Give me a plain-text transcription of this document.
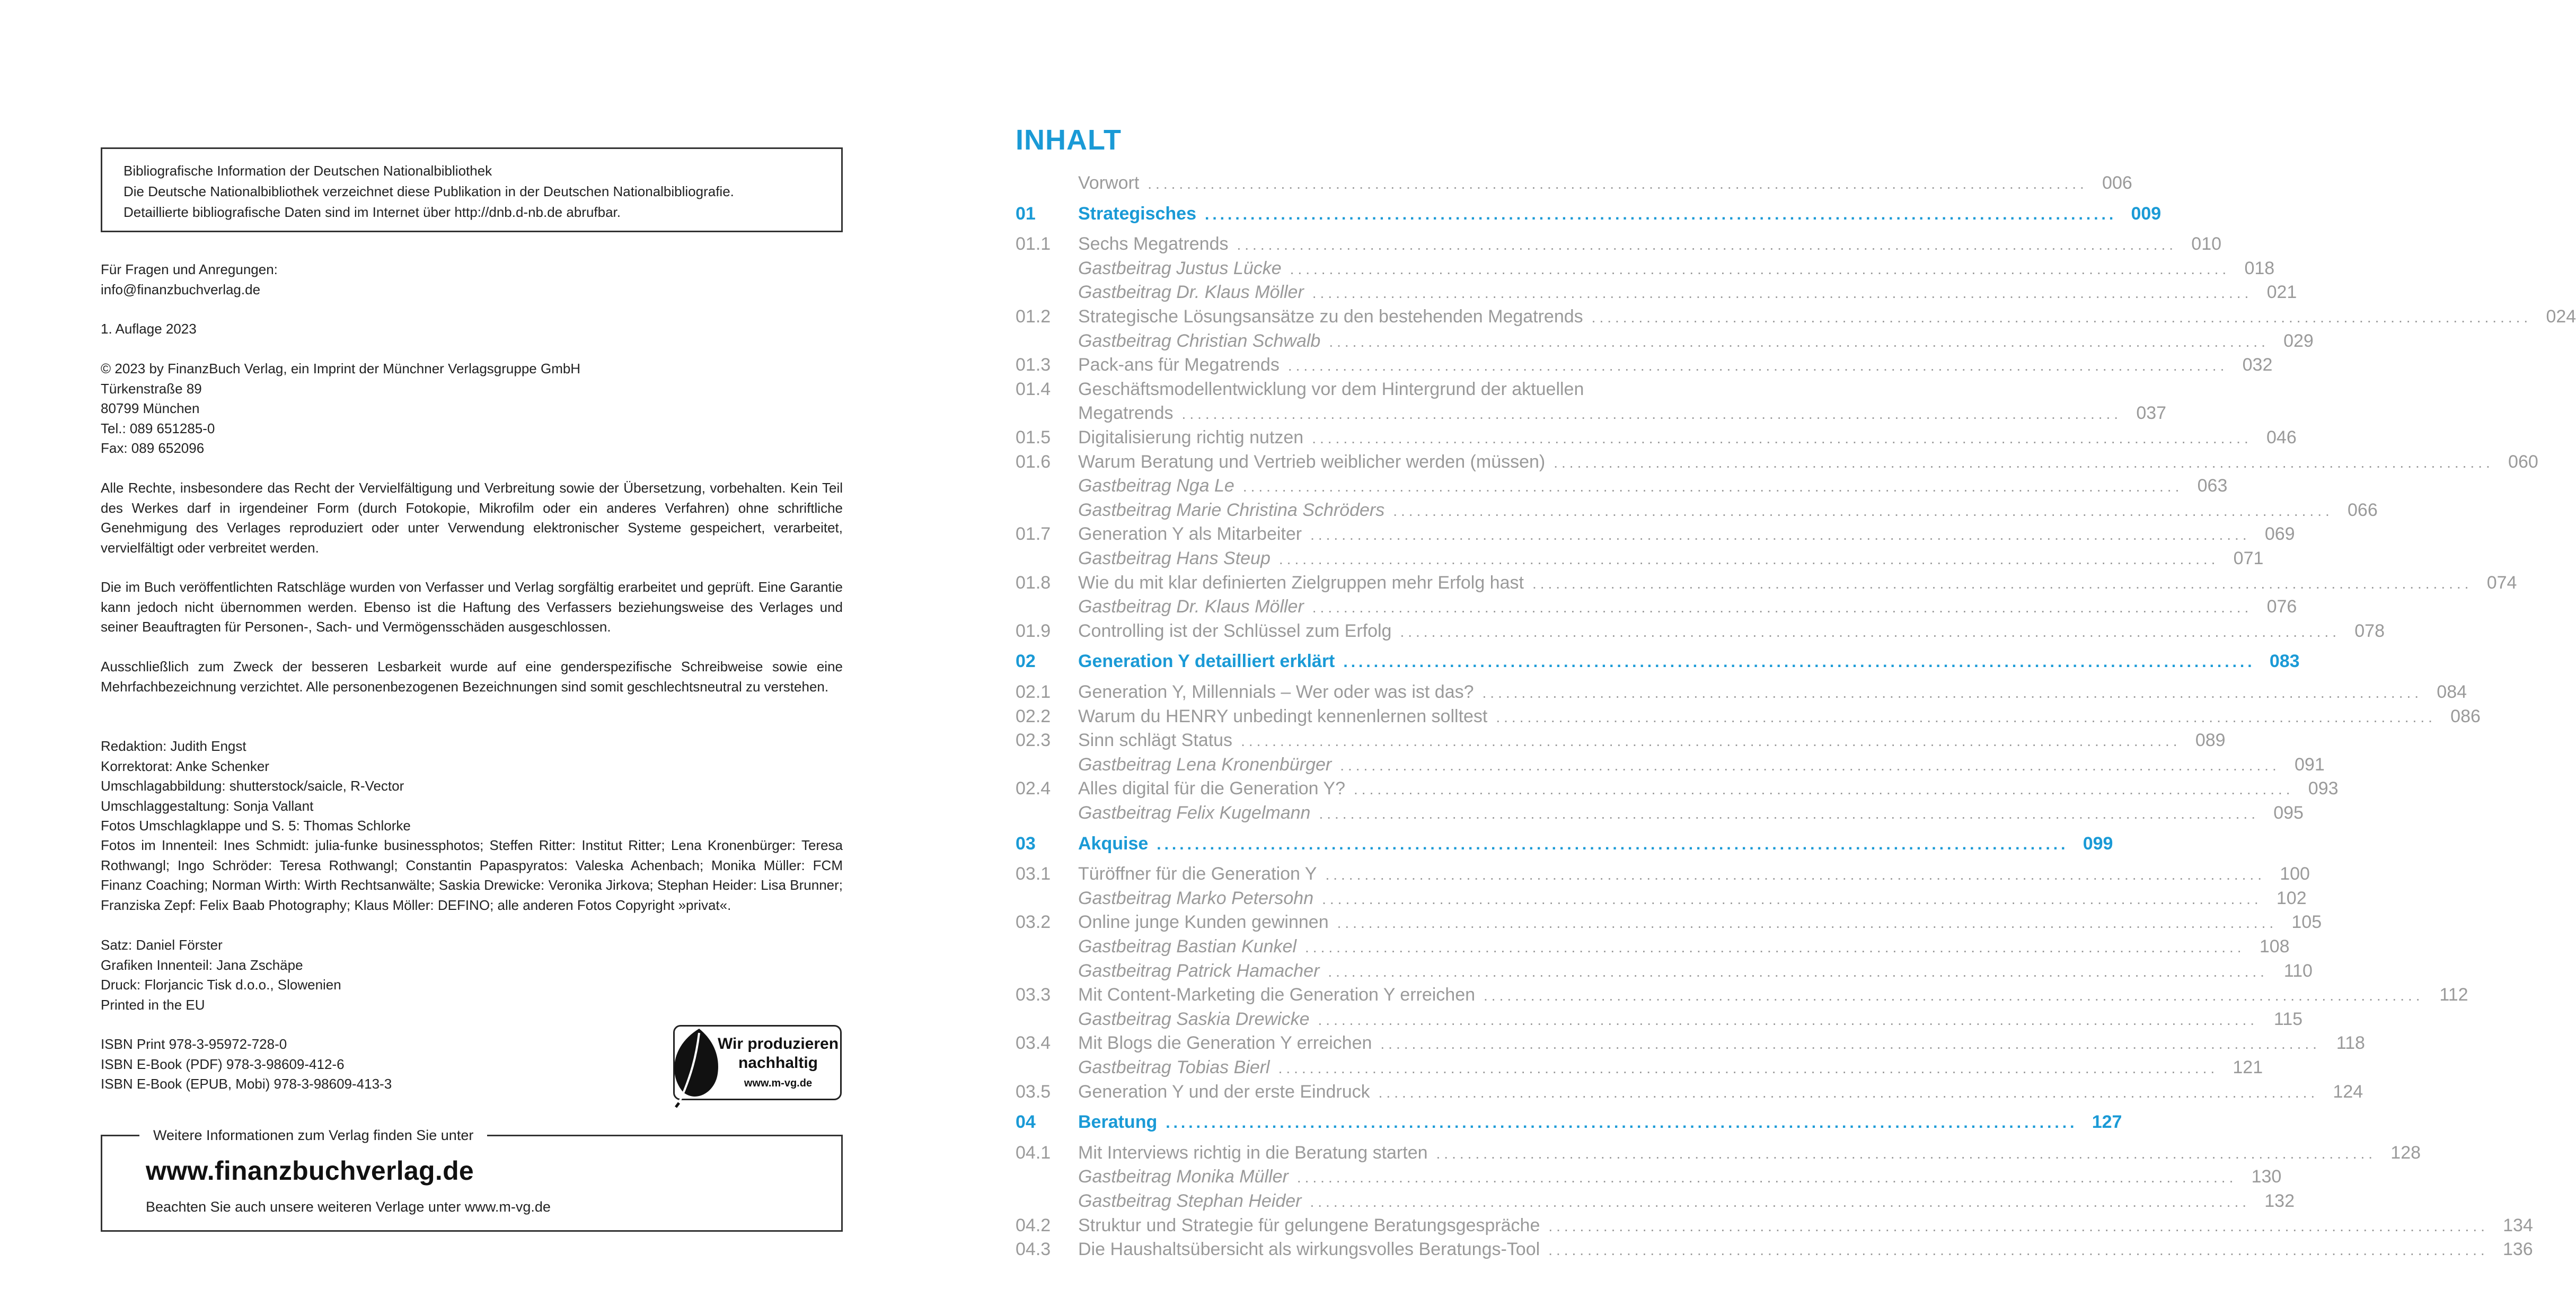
Bibliografische Information der Deutschen Nationalbibliothek
Die Deutsche Nationalbibliothek verzeichnet diese Publikation in der Deutschen Nationalbibliografie.
Detaillierte bibliografische Daten sind im Internet über http://dnb.d-nb.de abrufbar.
Für Fragen und Anregungen:
info@finanzbuchverlag.de
1. Auflage 2023
© 2023 by FinanzBuch Verlag, ein Imprint der Münchner Verlagsgruppe GmbH
Türkenstraße 89
80799 München
Tel.: 089 651285-0
Fax: 089 652096
Alle Rechte, insbesondere das Recht der Vervielfältigung und Verbreitung sowie der Übersetzung, vorbehalten. Kein Teil des Werkes darf in irgendeiner Form (durch Fotokopie, Mikrofilm oder ein anderes Verfahren) ohne schriftliche Genehmigung des Verlages reproduziert oder unter Verwendung elektronischer Systeme gespeichert, verarbeitet, vervielfältigt oder verbreitet werden.
Die im Buch veröffentlichten Ratschläge wurden von Verfasser und Verlag sorgfältig erarbeitet und geprüft. Eine Garantie kann jedoch nicht übernommen werden. Ebenso ist die Haftung des Verfassers beziehungsweise des Verlages und seiner Beauftragten für Personen-, Sach- und Vermögensschäden ausgeschlossen.
Ausschließlich zum Zweck der besseren Lesbarkeit wurde auf eine genderspezifische Schreibweise sowie eine Mehrfachbezeichnung verzichtet. Alle personenbezogenen Bezeichnungen sind somit geschlechtsneutral zu verstehen.
Redaktion: Judith Engst
Korrektorat: Anke Schenker
Umschlagabbildung: shutterstock/saicle, R-Vector
Umschlaggestaltung: Sonja Vallant
Fotos Umschlagklappe und S. 5: Thomas Schlorke
Fotos im Innenteil: Ines Schmidt: julia-funke businessphotos; Steffen Ritter: Institut Ritter; Lena Kronenbürger: Teresa Rothwangl; Ingo Schröder: Teresa Rothwangl; Constantin Papaspyratos: Valeska Achenbach; Monika Müller: FCM Finanz Coaching; Norman Wirth: Wirth Rechtsanwälte; Saskia Drewicke: Veronika Jirkova; Stephan Heider: Lisa Brunner; Franziska Zepf: Felix Baab Photography; Klaus Möller: DEFINO; alle anderen Fotos Copyright »privat«.
Satz: Daniel Förster
Grafiken Innenteil: Jana Zschäpe
Druck: Florjancic Tisk d.o.o., Slowenien
Printed in the EU
ISBN Print 978-3-95972-728-0
ISBN E-Book (PDF) 978-3-98609-412-6
ISBN E-Book (EPUB, Mobi) 978-3-98609-413-3
Wir produzieren
nachhaltig
www.m-vg.de
Weitere Informationen zum Verlag finden Sie unter
www.finanzbuchverlag.de
Beachten Sie auch unsere weiteren Verlage unter www.m-vg.de
INHALT
Vorwort ........................................................................................................................ 006
01	Strategisches ........................................................................................................................ 009
01.1	Sechs Megatrends ........................................................................................................................ 010
Gastbeitrag Justus Lücke ........................................................................................................................ 018
Gastbeitrag Dr. Klaus Möller ........................................................................................................................ 021
01.2	Strategische Lösungsansätze zu den bestehenden Megatrends ........................................................................................................................ 024
Gastbeitrag Christian Schwalb ........................................................................................................................ 029
01.3	Pack-ans für Megatrends ........................................................................................................................ 032
01.4	Geschäftsmodellentwicklung vor dem Hintergrund der aktuellen
Megatrends ........................................................................................................................ 037
01.5	Digitalisierung richtig nutzen ........................................................................................................................ 046
01.6	Warum Beratung und Vertrieb weiblicher werden (müssen) ........................................................................................................................ 060
Gastbeitrag Nga Le ........................................................................................................................ 063
Gastbeitrag Marie Christina Schröders ........................................................................................................................ 066
01.7	Generation Y als Mitarbeiter ........................................................................................................................ 069
Gastbeitrag Hans Steup ........................................................................................................................ 071
01.8	Wie du mit klar definierten Zielgruppen mehr Erfolg hast ........................................................................................................................ 074
Gastbeitrag Dr. Klaus Möller ........................................................................................................................ 076
01.9	Controlling ist der Schlüssel zum Erfolg ........................................................................................................................ 078
02	Generation Y detailliert erklärt ........................................................................................................................ 083
02.1	Generation Y, Millennials – Wer oder was ist das? ........................................................................................................................ 084
02.2	Warum du HENRY unbedingt kennenlernen solltest ........................................................................................................................ 086
02.3	Sinn schlägt Status ........................................................................................................................ 089
Gastbeitrag Lena Kronenbürger ........................................................................................................................ 091
02.4	Alles digital für die Generation Y? ........................................................................................................................ 093
Gastbeitrag Felix Kugelmann ........................................................................................................................ 095
03	Akquise ........................................................................................................................ 099
03.1	Türöffner für die Generation Y ........................................................................................................................ 100
Gastbeitrag Marko Petersohn ........................................................................................................................ 102
03.2	Online junge Kunden gewinnen ........................................................................................................................ 105
Gastbeitrag Bastian Kunkel ........................................................................................................................ 108
Gastbeitrag Patrick Hamacher ........................................................................................................................ 110
03.3	Mit Content-Marketing die Generation Y erreichen ........................................................................................................................ 112
Gastbeitrag Saskia Drewicke ........................................................................................................................ 115
03.4	Mit Blogs die Generation Y erreichen ........................................................................................................................ 118
Gastbeitrag Tobias Bierl ........................................................................................................................ 121
03.5	Generation Y und der erste Eindruck ........................................................................................................................ 124
04	Beratung ........................................................................................................................ 127
04.1	Mit Interviews richtig in die Beratung starten ........................................................................................................................ 128
Gastbeitrag Monika Müller ........................................................................................................................ 130
Gastbeitrag Stephan Heider ........................................................................................................................ 132
04.2	Struktur und Strategie für gelungene Beratungsgespräche ........................................................................................................................ 134
04.3	Die Haushaltsübersicht als wirkungsvolles Beratungs-Tool ........................................................................................................................ 136
